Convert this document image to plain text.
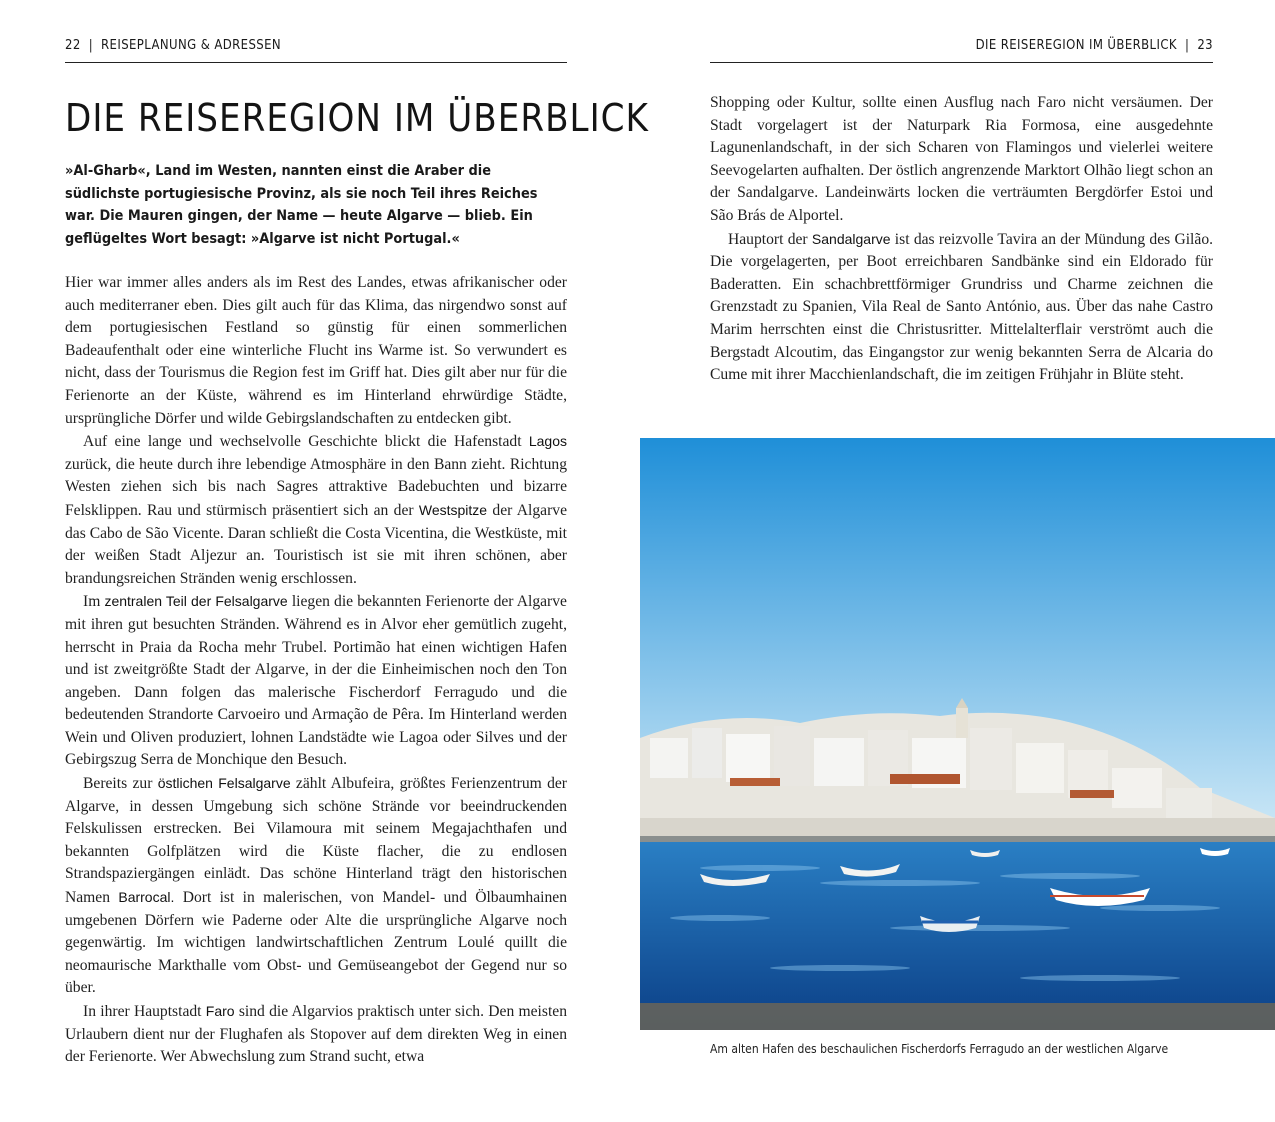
22 | REISEPLANUNG & ADRESSEN
DIE REISEREGION IM ÜBERBLICK

»Al-Gharb«, Land im Westen, nannten einst die Araber die südlichste portugiesische Provinz, als sie noch Teil ihres Reiches war. Die Mauren gingen, der Name — heute Algarve — blieb. Ein geflügeltes Wort besagt: »Algarve ist nicht Portugal.«

Hier war immer alles anders als im Rest des Landes, etwas afrikanischer oder auch mediterraner eben. Dies gilt auch für das Klima, das nirgendwo sonst auf dem portugiesischen Festland so günstig für einen sommerlichen Badeaufenthalt oder eine winterliche Flucht ins Warme ist. So verwundert es nicht, dass der Tourismus die Region fest im Griff hat. Dies gilt aber nur für die Ferienorte an der Küste, während es im Hinterland ehrwürdige Städte, ursprüngliche Dörfer und wilde Gebirgslandschaften zu entdecken gibt.

Auf eine lange und wechselvolle Geschichte blickt die Hafenstadt Lagos zurück, die heute durch ihre lebendige Atmosphäre in den Bann zieht. Richtung Westen ziehen sich bis nach Sagres attraktive Badebuchten und bizarre Felsklippen. Rau und stürmisch präsentiert sich an der Westspitze der Algarve das Cabo de São Vicente. Daran schließt die Costa Vicentina, die Westküste, mit der weißen Stadt Aljezur an. Touristisch ist sie mit ihren schönen, aber brandungsreichen Stränden wenig erschlossen.

Im zentralen Teil der Felsalgarve liegen die bekannten Ferienorte der Algarve mit ihren gut besuchten Stränden. Während es in Alvor eher gemütlich zugeht, herrscht in Praia da Rocha mehr Trubel. Portimão hat einen wichtigen Hafen und ist zweitgrößte Stadt der Algarve, in der die Einheimischen noch den Ton angeben. Dann folgen das malerische Fischerdorf Ferragudo und die bedeutenden Strandorte Carvoeiro und Armação de Pêra. Im Hinterland werden Wein und Oliven produziert, lohnen Landstädte wie Lagoa oder Silves und der Gebirgszug Serra de Monchique den Besuch.

Bereits zur östlichen Felsalgarve zählt Albufeira, größtes Ferienzentrum der Algarve, in dessen Umgebung sich schöne Strände vor beeindruckenden Felskulissen erstrecken. Bei Vilamoura mit seinem Megajachthafen und bekannten Golfplätzen wird die Küste flacher, die zu endlosen Strandspaziergängen einlädt. Das schöne Hinterland trägt den historischen Namen Barrocal. Dort ist in malerischen, von Mandel- und Ölbaumhainen umgebenen Dörfern wie Paderne oder Alte die ursprüngliche Algarve noch gegenwärtig. Im wichtigen landwirtschaftlichen Zentrum Loulé quillt die neomaurische Markthalle vom Obst- und Gemüseangebot der Gegend nur so über.

In ihrer Hauptstadt Faro sind die Algarvios praktisch unter sich. Den meisten Urlaubern dient nur der Flughafen als Stopover auf dem direkten Weg in einen der Ferienorte. Wer Abwechslung zum Strand sucht, etwa

DIE REISEREGION IM ÜBERBLICK | 23

Shopping oder Kultur, sollte einen Ausflug nach Faro nicht versäumen. Der Stadt vorgelagert ist der Naturpark Ria Formosa, eine ausgedehnte Lagunenlandschaft, in der sich Scharen von Flamingos und vielerlei weitere Seevogelarten aufhalten. Der östlich angrenzende Marktort Olhão liegt schon an der Sandalgarve. Landeinwärts locken die verträumten Bergdörfer Estoi und São Brás de Alportel.

Hauptort der Sandalgarve ist das reizvolle Tavira an der Mündung des Gilão. Die vorgelagerten, per Boot erreichbaren Sandbänke sind ein Eldorado für Baderatten. Ein schachbrettförmiger Grundriss und Charme zeichnen die Grenzstadt zu Spanien, Vila Real de Santo António, aus. Über das nahe Castro Marim herrschten einst die Christusritter. Mittelalterflair verströmt auch die Bergstadt Alcoutim, das Eingangstor zur wenig bekannten Serra de Alcaria do Cume mit ihrer Macchienlandschaft, die im zeitigen Frühjahr in Blüte steht.

Am alten Hafen des beschaulichen Fischerdorfs Ferragudo an der westlichen Algarve
